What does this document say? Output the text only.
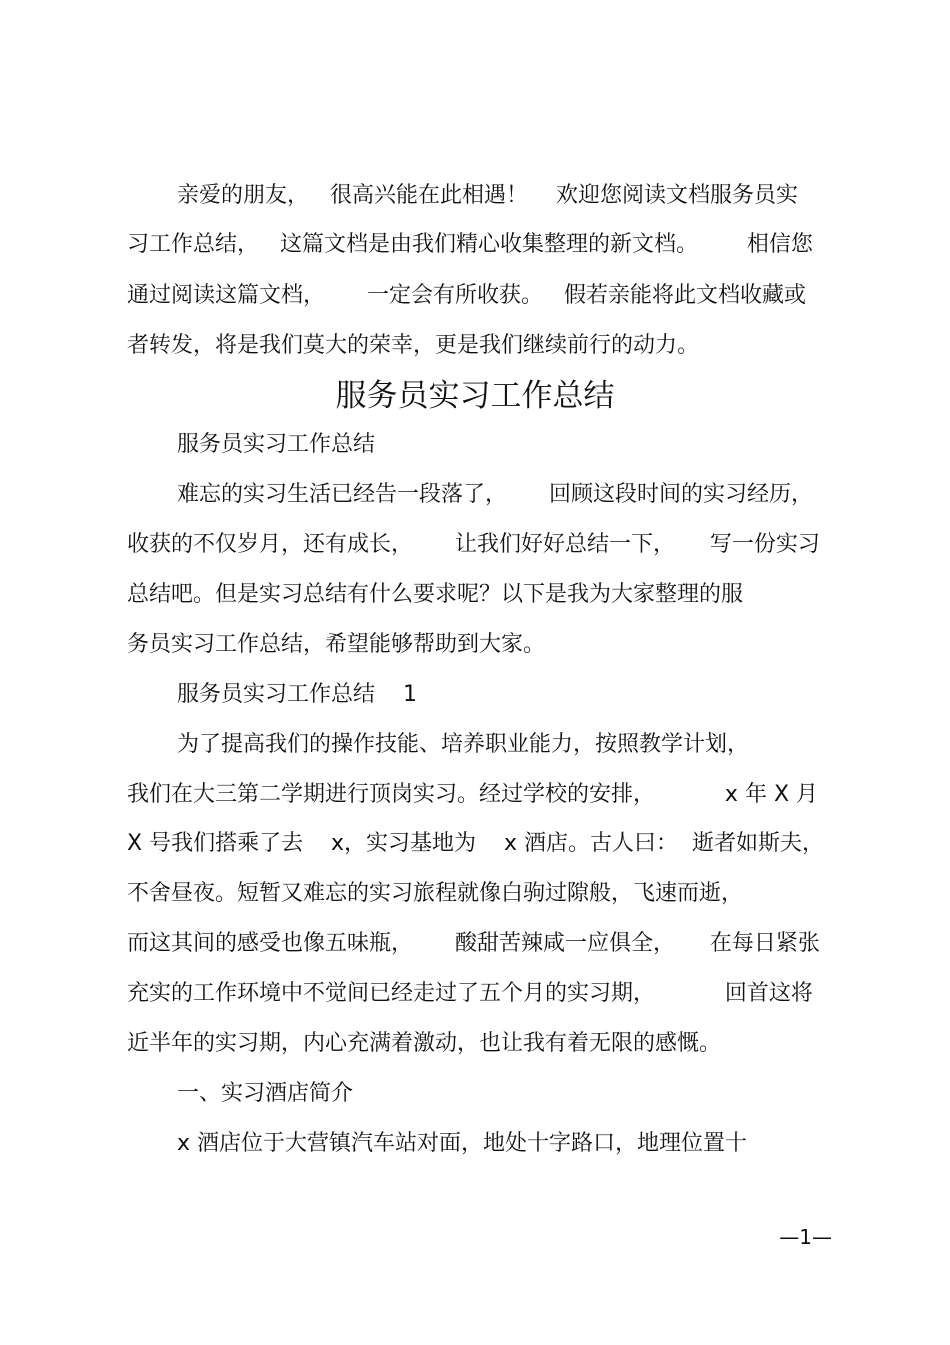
亲爱的朋友，   很高兴能在此相遇！    欢迎您阅读文档服务员实
习工作总结，   这篇文档是由我们精心收集整理的新文档。       相信您
通过阅读这篇文档，      一定会有所收获。   假若亲能将此文档收藏或
者转发，将是我们莫大的荣幸，更是我们继续前行的动力。
服务员实习工作总结
服务员实习工作总结
难忘的实习生活已经告一段落了，      回顾这段时间的实习经历，
收获的不仅岁月，还有成长，      让我们好好总结一下，     写一份实习
总结吧。但是实习总结有什么要求呢？以下是我为大家整理的服
务员实习工作总结，希望能够帮助到大家。
服务员实习工作总结    1
为了提高我们的操作技能、培养职业能力，按照教学计划，
我们在大三第二学期进行顶岗实习。经过学校的安排，          x 年 X 月
X 号我们搭乘了去    x，实习基地为    x 酒店。古人曰：  逝者如斯夫，
不舍昼夜。短暂又难忘的实习旅程就像白驹过隙般，飞速而逝，
而这其间的感受也像五味瓶，      酸甜苦辣咸一应俱全，     在每日紧张
充实的工作环境中不觉间已经走过了五个月的实习期，          回首这将
近半年的实习期，内心充满着激动，也让我有着无限的感慨。
一、实习酒店简介
x 酒店位于大营镇汽车站对面，地处十字路口，地理位置十
—1—
